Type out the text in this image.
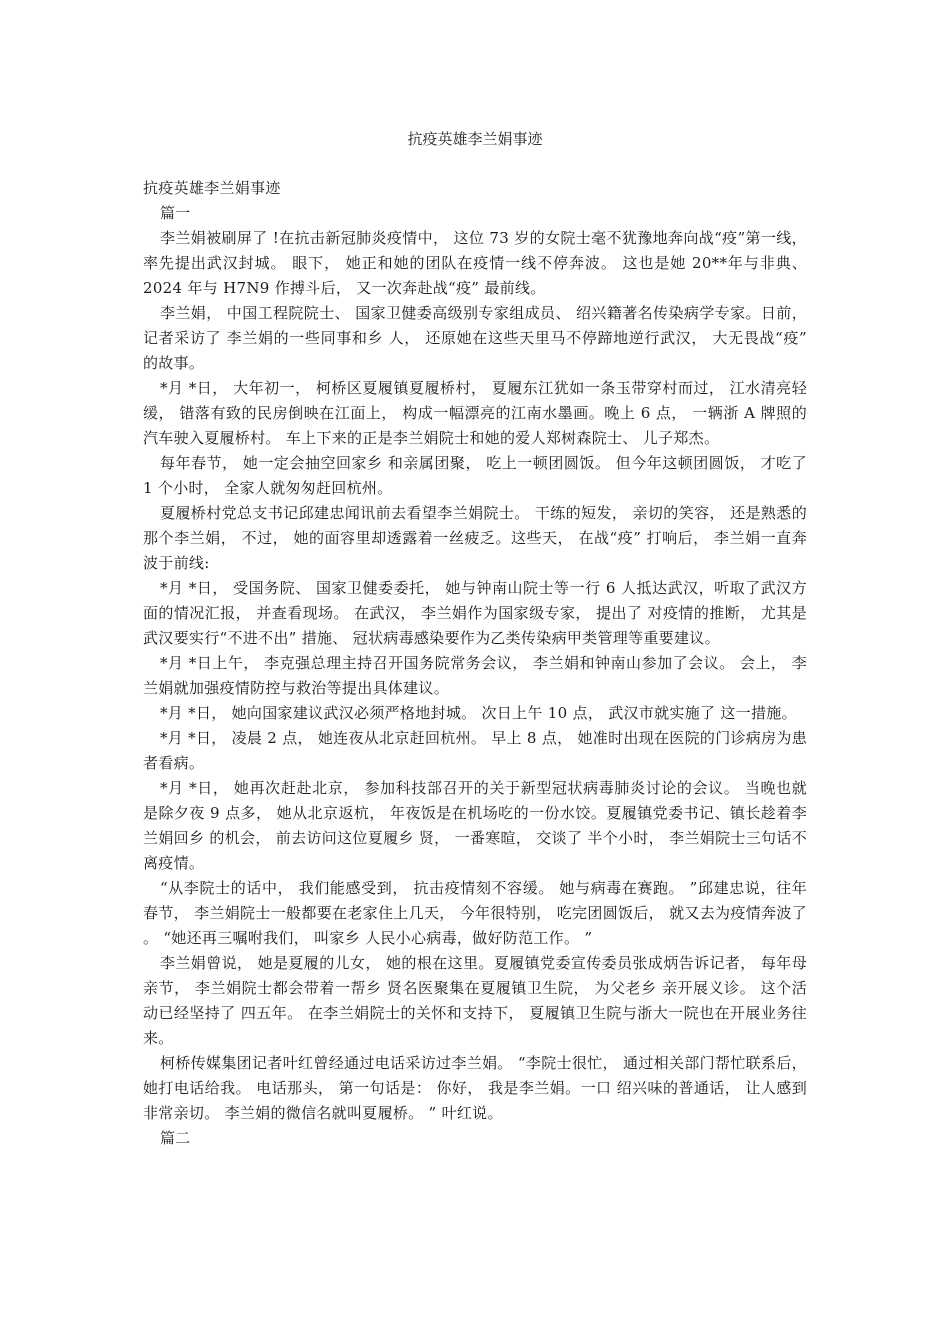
抗疫英雄李兰娟事迹

抗疫英雄李兰娟事迹

篇一

李兰娟被刷屏了 !在抗击新冠肺炎疫情中， 这位 73 岁的女院士毫不犹豫地奔向战“疫”第一线， 率先提出武汉封城。 眼下， 她正和她的团队在疫情一线不停奔波。 这也是她 20**年与非典、 2024 年与 H7N9 作搏斗后， 又一次奔赴战“疫” 最前线。

李兰娟， 中国工程院院士、 国家卫健委高级别专家组成员、 绍兴籍著名传染病学专家。日前， 记者采访了 李兰娟的一些同事和乡 人， 还原她在这些天里马不停蹄地逆行武汉， 大无畏战“疫” 的故事。

*月 *日， 大年初一， 柯桥区夏履镇夏履桥村， 夏履东江犹如一条玉带穿村而过， 江水清亮轻缓， 错落有致的民房倒映在江面上， 构成一幅漂亮的江南水墨画。晚上 6 点， 一辆浙 A 牌照的汽车驶入夏履桥村。 车上下来的正是李兰娟院士和她的爱人郑树森院士、 儿子郑杰。

每年春节， 她一定会抽空回家乡 和亲属团聚， 吃上一顿团圆饭。 但今年这顿团圆饭， 才吃了 1 个小时， 全家人就匆匆赶回杭州。

夏履桥村党总支书记邱建忠闻讯前去看望李兰娟院士。 干练的短发， 亲切的笑容， 还是熟悉的那个李兰娟， 不过， 她的面容里却透露着一丝疲乏。这些天， 在战“疫” 打响后， 李兰娟一直奔波于前线:

*月 *日， 受国务院、 国家卫健委委托， 她与钟南山院士等一行 6 人抵达武汉，听取了武汉方面的情况汇报， 并查看现场。 在武汉， 李兰娟作为国家级专家， 提出了 对疫情的推断， 尤其是武汉要实行“不进不出” 措施、 冠状病毒感染要作为乙类传染病甲类管理等重要建议。

*月 *日上午， 李克强总理主持召开国务院常务会议， 李兰娟和钟南山参加了会议。 会上， 李兰娟就加强疫情防控与救治等提出具体建议。

*月 *日， 她向国家建议武汉必须严格地封城。 次日上午 10 点， 武汉市就实施了 这一措施。

*月 *日， 凌晨 2 点， 她连夜从北京赶回杭州。 早上 8 点， 她准时出现在医院的门诊病房为患者看病。

*月 *日， 她再次赶赴北京， 参加科技部召开的关于新型冠状病毒肺炎讨论的会议。 当晚也就是除夕夜 9 点多， 她从北京返杭， 年夜饭是在机场吃的一份水饺。夏履镇党委书记、镇长趁着李兰娟回乡 的机会， 前去访问这位夏履乡 贤， 一番寒暄， 交谈了 半个小时， 李兰娟院士三句话不离疫情。

“从李院士的话中， 我们能感受到， 抗击疫情刻不容缓。 她与病毒在赛跑。 ”邱建忠说，往年春节， 李兰娟院士一般都要在老家住上几天， 今年很特别， 吃完团圆饭后， 就又去为疫情奔波了 。 “她还再三嘱咐我们， 叫家乡 人民小心病毒，做好防范工作。 ”

李兰娟曾说， 她是夏履的儿女， 她的根在这里。夏履镇党委宣传委员张成炳告诉记者， 每年母亲节， 李兰娟院士都会带着一帮乡 贤名医聚集在夏履镇卫生院， 为父老乡 亲开展义诊。 这个活动已经坚持了 四五年。 在李兰娟院士的关怀和支持下， 夏履镇卫生院与浙大一院也在开展业务往来。

柯桥传媒集团记者叶红曾经通过电话采访过李兰娟。 “李院士很忙， 通过相关部门帮忙联系后， 她打电话给我。 电话那头， 第一句话是： 你好， 我是李兰娟。一口 绍兴味的普通话， 让人感到非常亲切。 李兰娟的微信名就叫夏履桥。 ” 叶红说。

篇二
